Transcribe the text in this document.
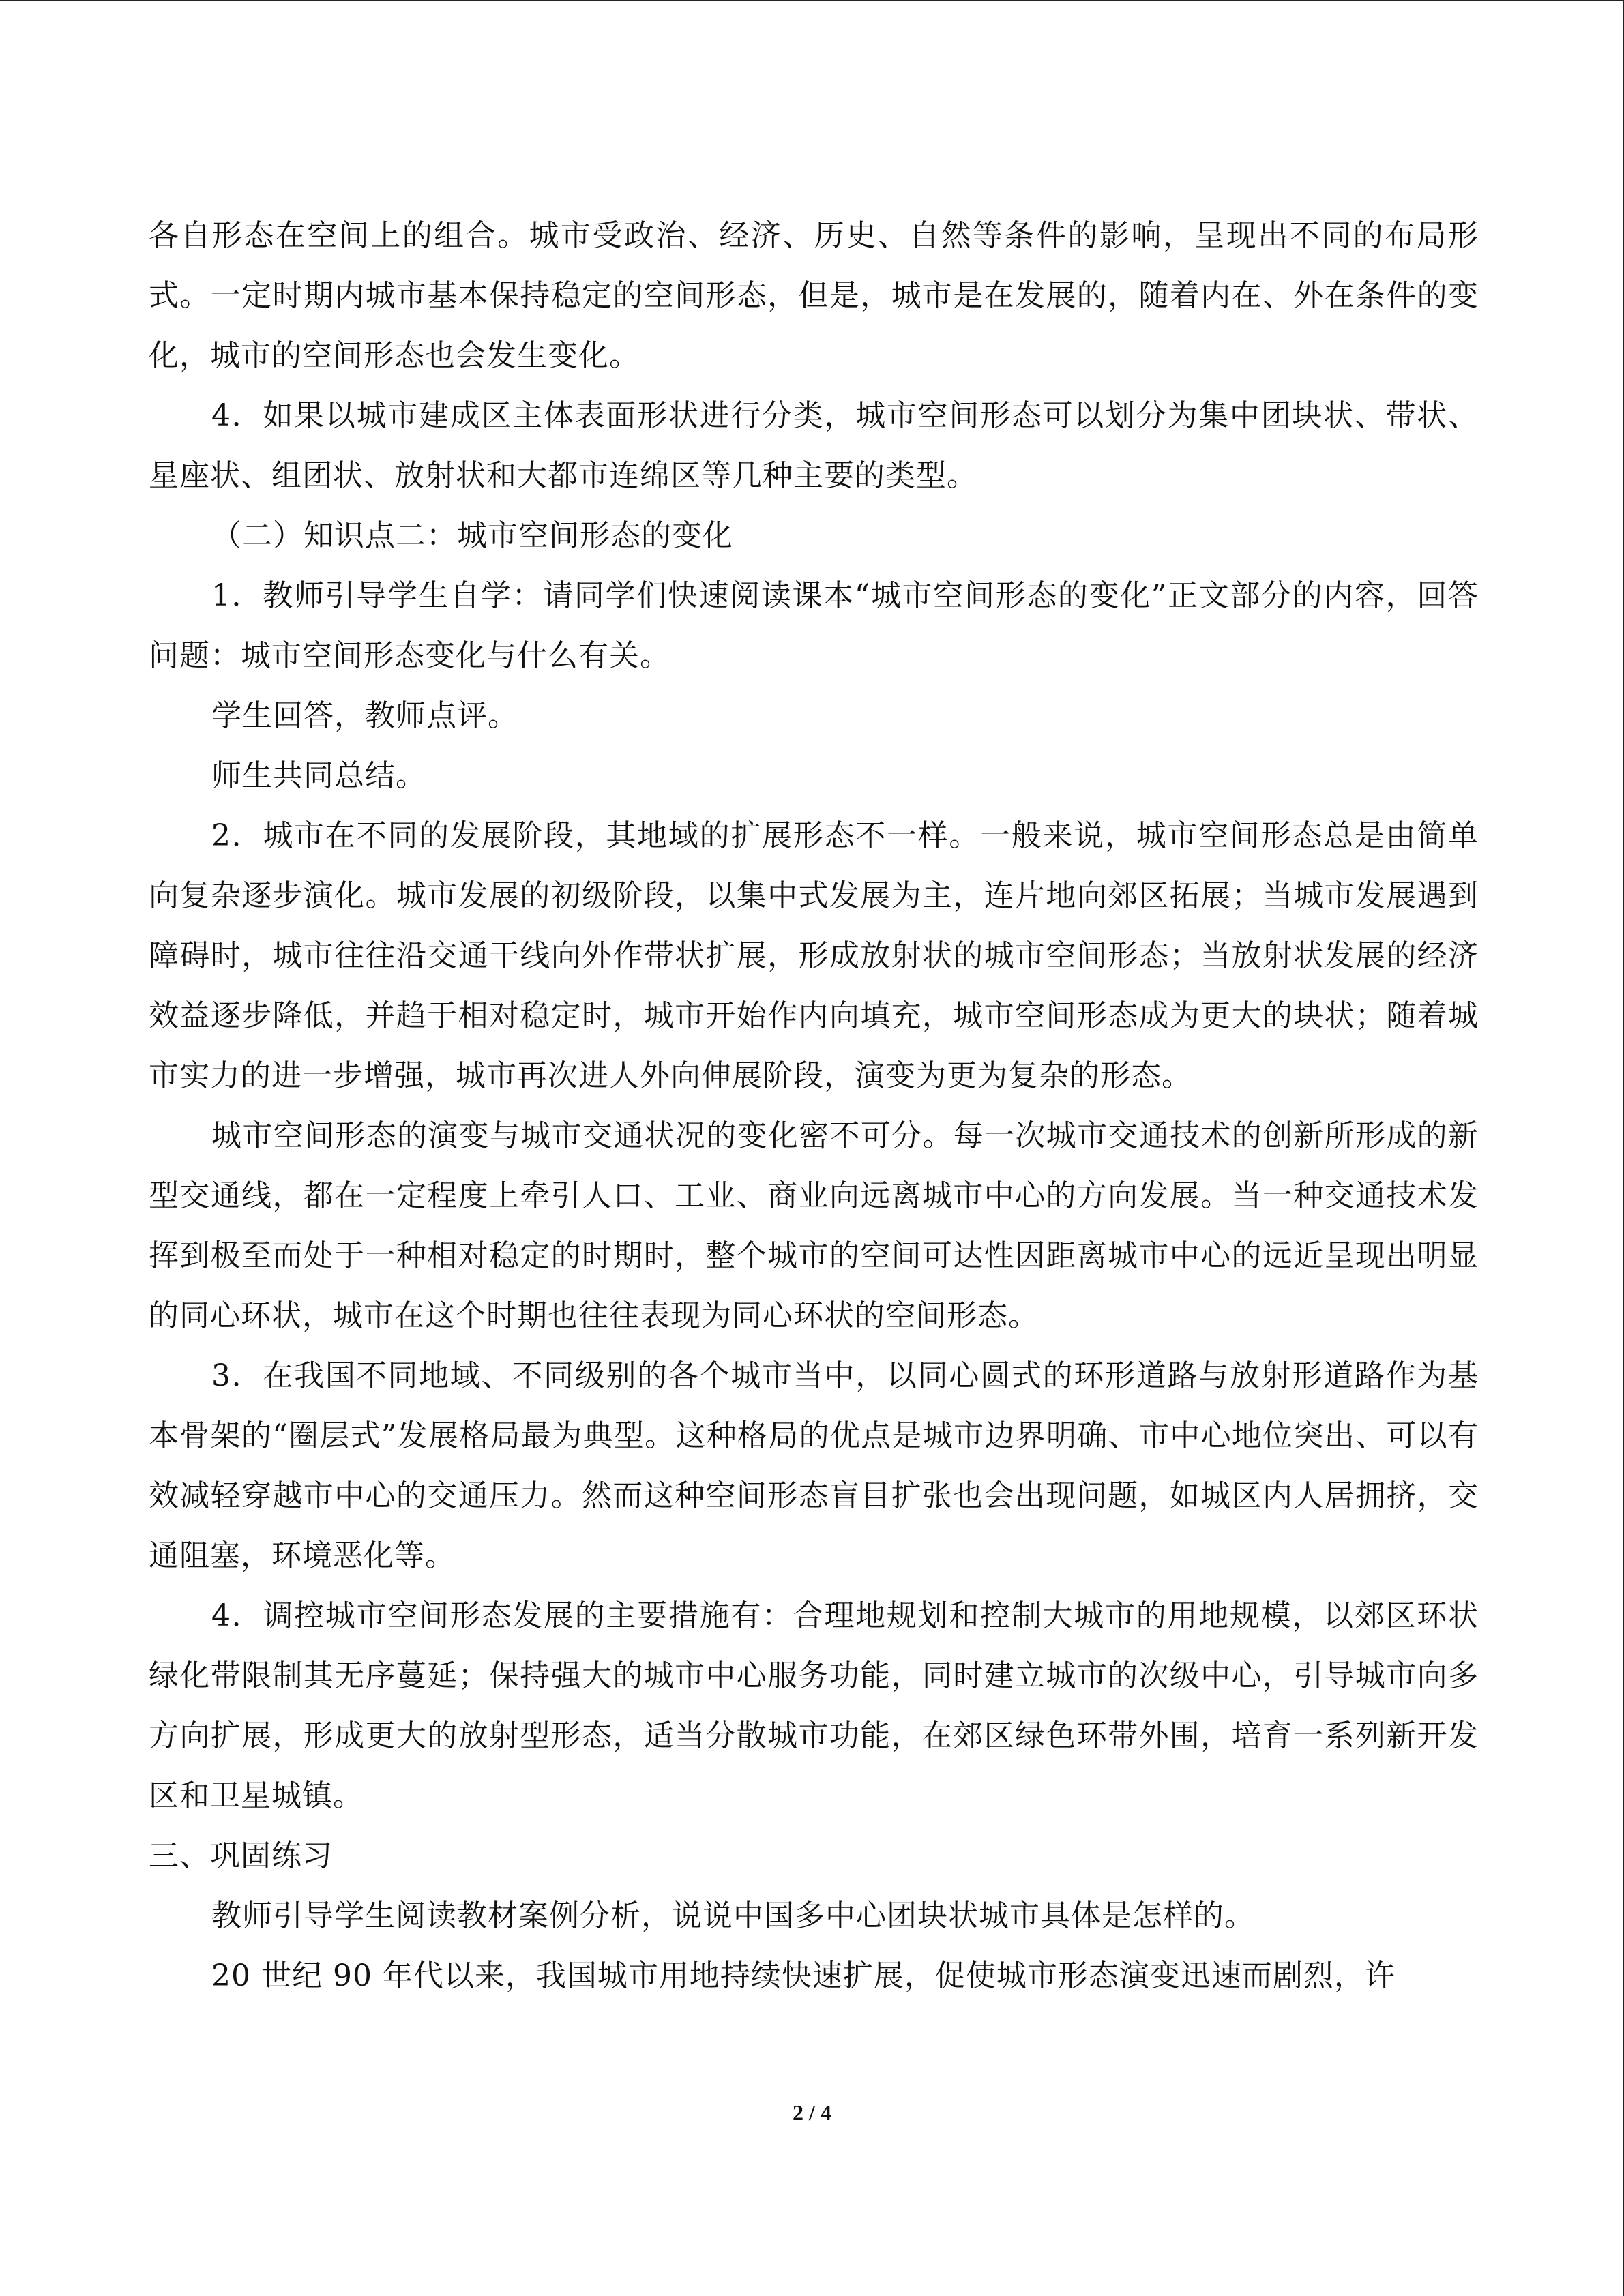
各自形态在空间上的组合。城市受政治、经济、历史、自然等条件的影响，呈现出不同的布局形式。一定时期内城市基本保持稳定的空间形态，但是，城市是在发展的，随着内在、外在条件的变化，城市的空间形态也会发生变化。

4．如果以城市建成区主体表面形状进行分类，城市空间形态可以划分为集中团块状、带状、星座状、组团状、放射状和大都市连绵区等几种主要的类型。

（二）知识点二：城市空间形态的变化

1．教师引导学生自学：请同学们快速阅读课本“城市空间形态的变化”正文部分的内容，回答问题：城市空间形态变化与什么有关。

学生回答，教师点评。

师生共同总结。

2．城市在不同的发展阶段，其地域的扩展形态不一样。一般来说，城市空间形态总是由简单向复杂逐步演化。城市发展的初级阶段，以集中式发展为主，连片地向郊区拓展；当城市发展遇到障碍时，城市往往沿交通干线向外作带状扩展，形成放射状的城市空间形态；当放射状发展的经济效益逐步降低，并趋于相对稳定时，城市开始作内向填充，城市空间形态成为更大的块状；随着城市实力的进一步增强，城市再次进人外向伸展阶段，演变为更为复杂的形态。

城市空间形态的演变与城市交通状况的变化密不可分。每一次城市交通技术的创新所形成的新型交通线，都在一定程度上牵引人口、工业、商业向远离城市中心的方向发展。当一种交通技术发挥到极至而处于一种相对稳定的时期时，整个城市的空间可达性因距离城市中心的远近呈现出明显的同心环状，城市在这个时期也往往表现为同心环状的空间形态。

3．在我国不同地域、不同级别的各个城市当中，以同心圆式的环形道路与放射形道路作为基本骨架的“圈层式”发展格局最为典型。这种格局的优点是城市边界明确、市中心地位突出、可以有效减轻穿越市中心的交通压力。然而这种空间形态盲目扩张也会出现问题，如城区内人居拥挤，交通阻塞，环境恶化等。

4．调控城市空间形态发展的主要措施有：合理地规划和控制大城市的用地规模，以郊区环状绿化带限制其无序蔓延；保持强大的城市中心服务功能，同时建立城市的次级中心，引导城市向多方向扩展，形成更大的放射型形态，适当分散城市功能，在郊区绿色环带外围，培育一系列新开发区和卫星城镇。

三、巩固练习

教师引导学生阅读教材案例分析，说说中国多中心团块状城市具体是怎样的。

20 世纪 90 年代以来，我国城市用地持续快速扩展，促使城市形态演变迅速而剧烈，许

2 / 4
